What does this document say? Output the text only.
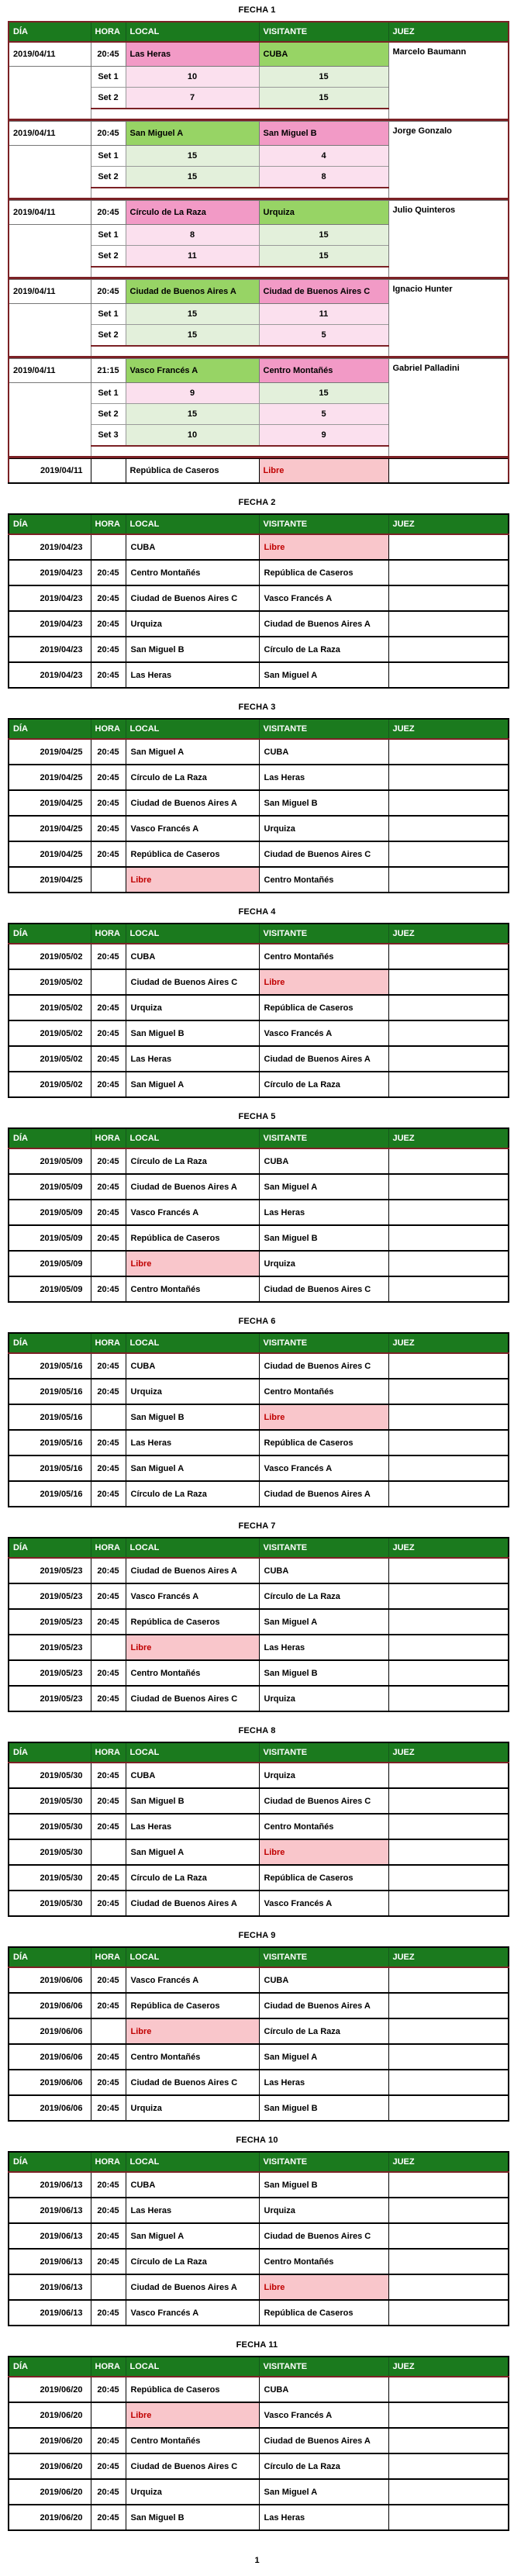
FECHA 1
DÍA	HORA	LOCAL	VISITANTE	JUEZ
2019/04/11	20:45	Las Heras	CUBA	Marcelo Baumann
	Set 1	10	15	
	Set 2	7	15	

2019/04/11	20:45	San Miguel A	San Miguel B	Jorge Gonzalo
	Set 1	15	4	
	Set 2	15	8	

2019/04/11	20:45	Círculo de La Raza	Urquiza	Julio Quinteros
	Set 1	8	15	
	Set 2	11	15	

2019/04/11	20:45	Ciudad de Buenos Aires A	Ciudad de Buenos Aires C	Ignacio Hunter
	Set 1	15	11	
	Set 2	15	5	

2019/04/11	21:15	Vasco Francés A	Centro Montañés	Gabriel Palladini
	Set 1	9	15	
	Set 2	15	5	
	Set 3	10	9	

2019/04/11		República de Caseros	Libre	
FECHA 2
DÍA	HORA	LOCAL	VISITANTE	JUEZ
2019/04/23		CUBA	Libre	
2019/04/23	20:45	Centro Montañés	República de Caseros	
2019/04/23	20:45	Ciudad de Buenos Aires C	Vasco Francés A	
2019/04/23	20:45	Urquiza	Ciudad de Buenos Aires A	
2019/04/23	20:45	San Miguel B	Círculo de La Raza	
2019/04/23	20:45	Las Heras	San Miguel A	
FECHA 3
DÍA	HORA	LOCAL	VISITANTE	JUEZ
2019/04/25	20:45	San Miguel A	CUBA	
2019/04/25	20:45	Círculo de La Raza	Las Heras	
2019/04/25	20:45	Ciudad de Buenos Aires A	San Miguel B	
2019/04/25	20:45	Vasco Francés A	Urquiza	
2019/04/25	20:45	República de Caseros	Ciudad de Buenos Aires C	
2019/04/25		Libre	Centro Montañés	
FECHA 4
DÍA	HORA	LOCAL	VISITANTE	JUEZ
2019/05/02	20:45	CUBA	Centro Montañés	
2019/05/02		Ciudad de Buenos Aires C	Libre	
2019/05/02	20:45	Urquiza	República de Caseros	
2019/05/02	20:45	San Miguel B	Vasco Francés A	
2019/05/02	20:45	Las Heras	Ciudad de Buenos Aires A	
2019/05/02	20:45	San Miguel A	Círculo de La Raza	
FECHA 5
DÍA	HORA	LOCAL	VISITANTE	JUEZ
2019/05/09	20:45	Círculo de La Raza	CUBA	
2019/05/09	20:45	Ciudad de Buenos Aires A	San Miguel A	
2019/05/09	20:45	Vasco Francés A	Las Heras	
2019/05/09	20:45	República de Caseros	San Miguel B	
2019/05/09		Libre	Urquiza	
2019/05/09	20:45	Centro Montañés	Ciudad de Buenos Aires C	
FECHA 6
DÍA	HORA	LOCAL	VISITANTE	JUEZ
2019/05/16	20:45	CUBA	Ciudad de Buenos Aires C	
2019/05/16	20:45	Urquiza	Centro Montañés	
2019/05/16		San Miguel B	Libre	
2019/05/16	20:45	Las Heras	República de Caseros	
2019/05/16	20:45	San Miguel A	Vasco Francés A	
2019/05/16	20:45	Círculo de La Raza	Ciudad de Buenos Aires A	
FECHA 7
DÍA	HORA	LOCAL	VISITANTE	JUEZ
2019/05/23	20:45	Ciudad de Buenos Aires A	CUBA	
2019/05/23	20:45	Vasco Francés A	Círculo de La Raza	
2019/05/23	20:45	República de Caseros	San Miguel A	
2019/05/23		Libre	Las Heras	
2019/05/23	20:45	Centro Montañés	San Miguel B	
2019/05/23	20:45	Ciudad de Buenos Aires C	Urquiza	
FECHA 8
DÍA	HORA	LOCAL	VISITANTE	JUEZ
2019/05/30	20:45	CUBA	Urquiza	
2019/05/30	20:45	San Miguel B	Ciudad de Buenos Aires C	
2019/05/30	20:45	Las Heras	Centro Montañés	
2019/05/30		San Miguel A	Libre	
2019/05/30	20:45	Círculo de La Raza	República de Caseros	
2019/05/30	20:45	Ciudad de Buenos Aires A	Vasco Francés A	
FECHA 9
DÍA	HORA	LOCAL	VISITANTE	JUEZ
2019/06/06	20:45	Vasco Francés A	CUBA	
2019/06/06	20:45	República de Caseros	Ciudad de Buenos Aires A	
2019/06/06		Libre	Círculo de La Raza	
2019/06/06	20:45	Centro Montañés	San Miguel A	
2019/06/06	20:45	Ciudad de Buenos Aires C	Las Heras	
2019/06/06	20:45	Urquiza	San Miguel B	
FECHA 10
DÍA	HORA	LOCAL	VISITANTE	JUEZ
2019/06/13	20:45	CUBA	San Miguel B	
2019/06/13	20:45	Las Heras	Urquiza	
2019/06/13	20:45	San Miguel A	Ciudad de Buenos Aires C	
2019/06/13	20:45	Círculo de La Raza	Centro Montañés	
2019/06/13		Ciudad de Buenos Aires A	Libre	
2019/06/13	20:45	Vasco Francés A	República de Caseros	
FECHA 11
DÍA	HORA	LOCAL	VISITANTE	JUEZ
2019/06/20	20:45	República de Caseros	CUBA	
2019/06/20		Libre	Vasco Francés A	
2019/06/20	20:45	Centro Montañés	Ciudad de Buenos Aires A	
2019/06/20	20:45	Ciudad de Buenos Aires C	Círculo de La Raza	
2019/06/20	20:45	Urquiza	San Miguel A	
2019/06/20	20:45	San Miguel B	Las Heras	
1
